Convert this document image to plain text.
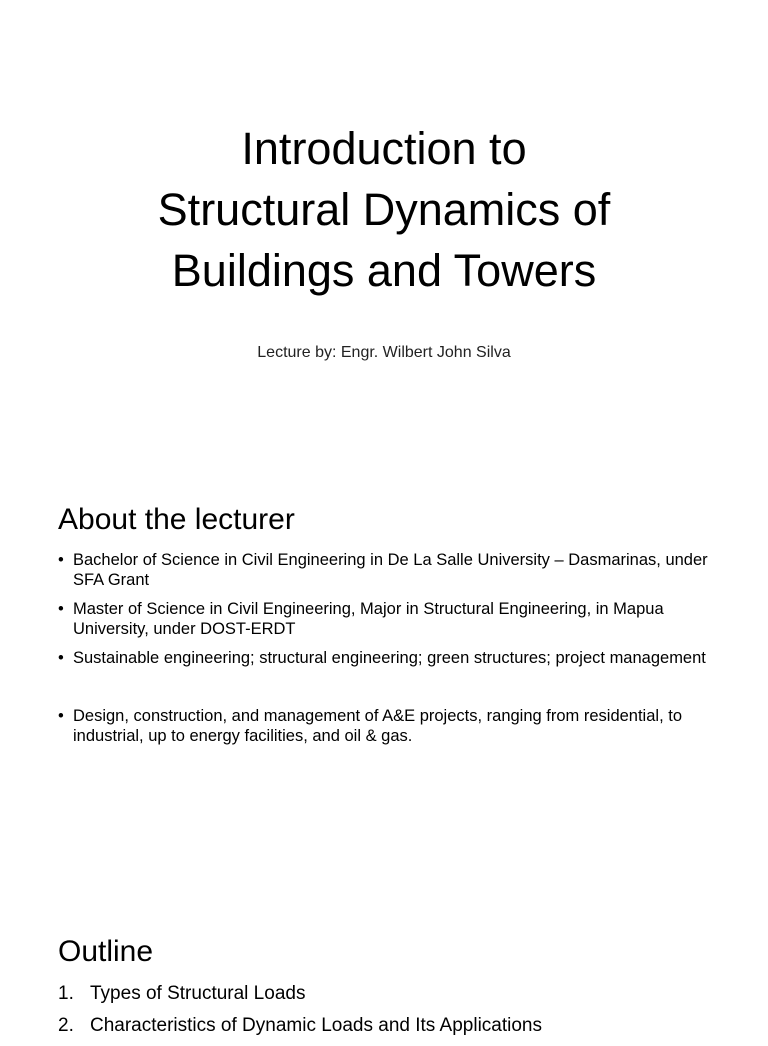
Introduction to
Structural Dynamics of
Buildings and Towers
Lecture by: Engr. Wilbert John Silva
About the lecturer
• Bachelor of Science in Civil Engineering in De La Salle University – Dasmarinas, under SFA Grant
• Master of Science in Civil Engineering, Major in Structural Engineering, in Mapua University, under DOST-ERDT
• Sustainable engineering; structural engineering; green structures; project management
• Design, construction, and management of A&E projects, ranging from residential, to industrial, up to energy facilities, and oil & gas.
Outline
1. Types of Structural Loads
2. Characteristics of Dynamic Loads and Its Applications
